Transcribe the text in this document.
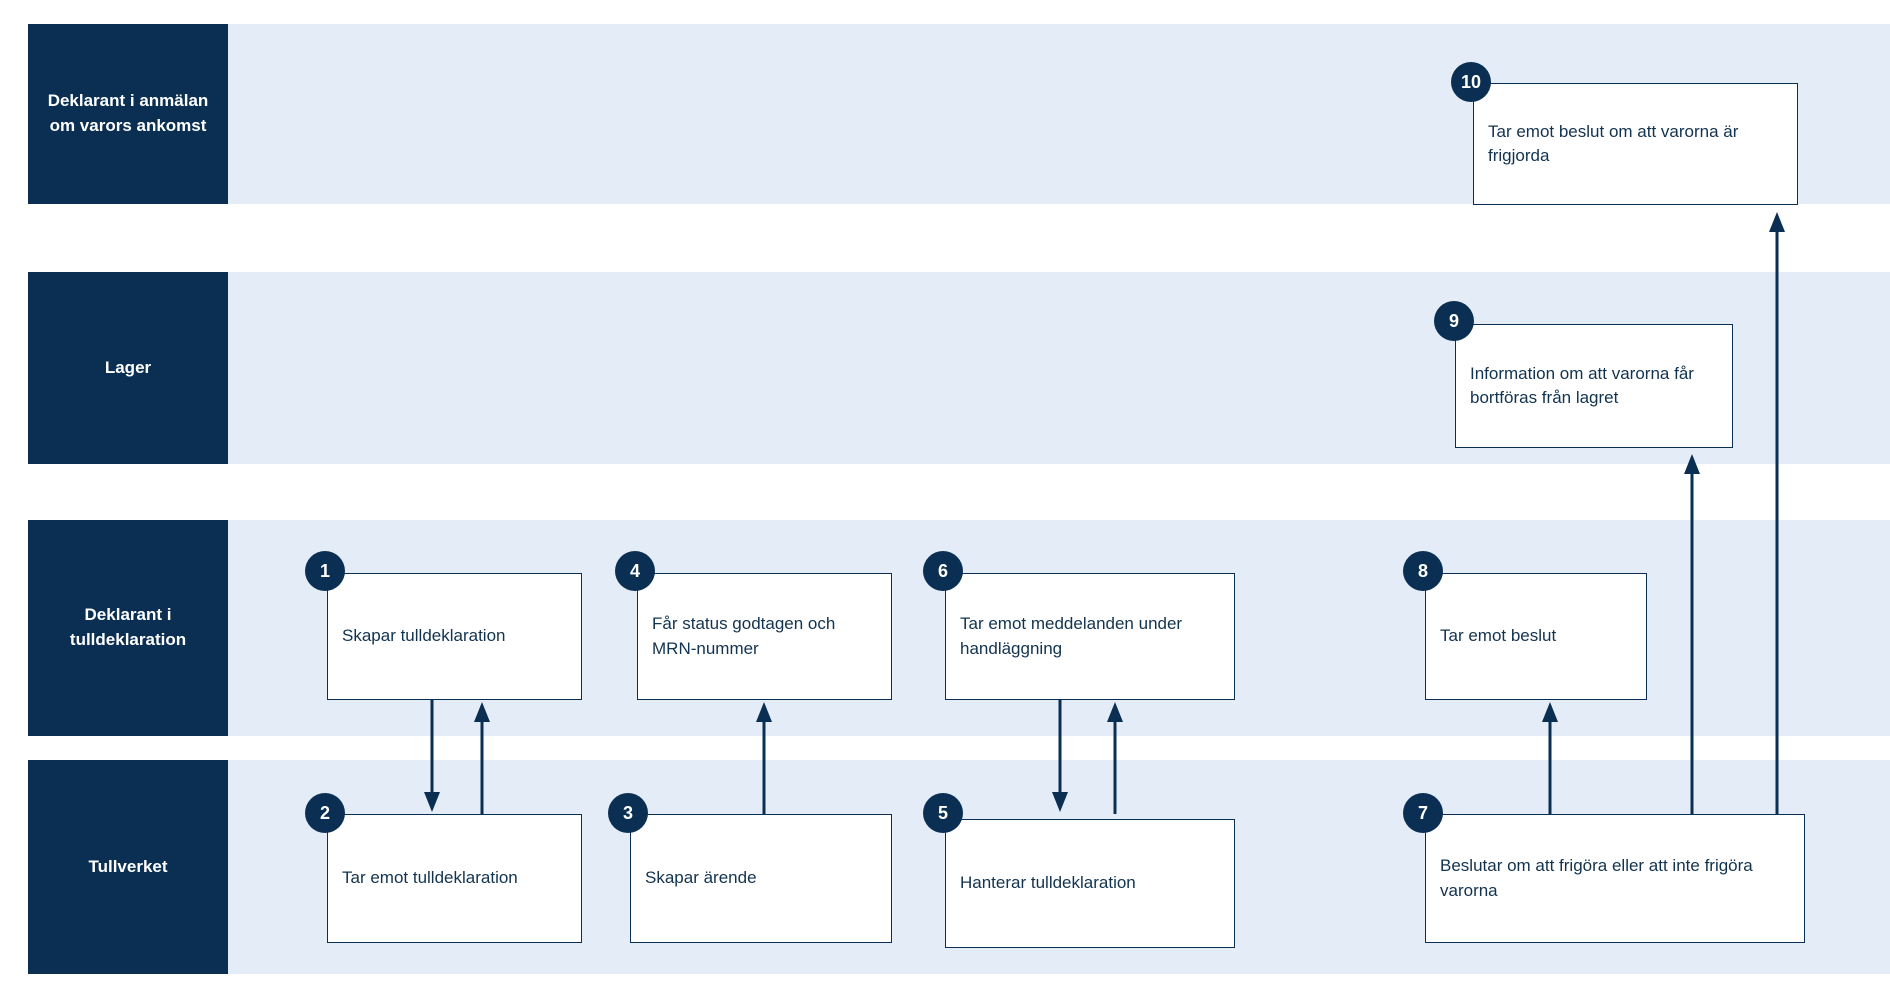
Deklarant i anmälan om varors ankomst
Lager
Deklarant i tulldeklaration
Tullverket
Tar emot beslut om att varorna är frigjorda
10
Information om att varorna får bortföras från lagret
9
Skapar tulldeklaration
1
Får status godtagen och MRN-nummer
4
Tar emot meddelanden under handläggning
6
Tar emot beslut
8
Tar emot tulldeklaration
2
Skapar ärende
3
Hanterar tulldeklaration
5
Beslutar om att frigöra eller att inte frigöra varorna
7
